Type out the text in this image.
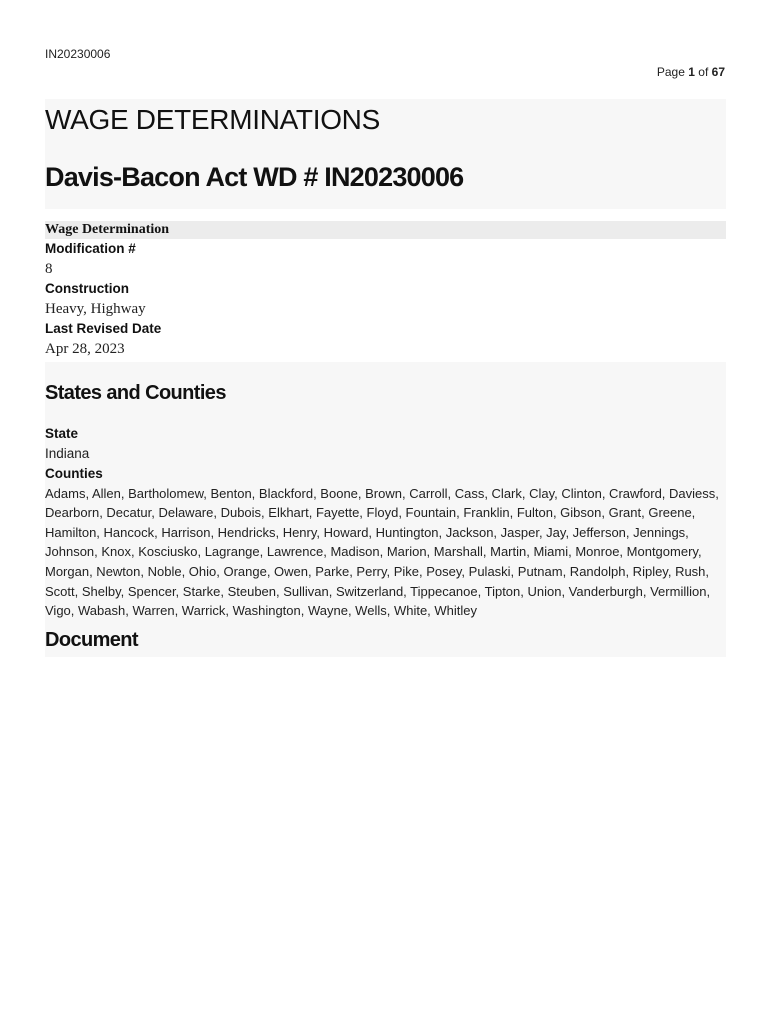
IN20230006
Page 1 of 67
WAGE DETERMINATIONS
Davis-Bacon Act WD # IN20230006
Wage Determination
Modification #
8
Construction
Heavy, Highway
Last Revised Date
Apr 28, 2023
States and Counties
State
Indiana
Counties
Adams, Allen, Bartholomew, Benton, Blackford, Boone, Brown, Carroll, Cass, Clark, Clay, Clinton, Crawford, Daviess, Dearborn, Decatur, Delaware, Dubois, Elkhart, Fayette, Floyd, Fountain, Franklin, Fulton, Gibson, Grant, Greene, Hamilton, Hancock, Harrison, Hendricks, Henry, Howard, Huntington, Jackson, Jasper, Jay, Jefferson, Jennings, Johnson, Knox, Kosciusko, Lagrange, Lawrence, Madison, Marion, Marshall, Martin, Miami, Monroe, Montgomery, Morgan, Newton, Noble, Ohio, Orange, Owen, Parke, Perry, Pike, Posey, Pulaski, Putnam, Randolph, Ripley, Rush, Scott, Shelby, Spencer, Starke, Steuben, Sullivan, Switzerland, Tippecanoe, Tipton, Union, Vanderburgh, Vermillion, Vigo, Wabash, Warren, Warrick, Washington, Wayne, Wells, White, Whitley
Document
